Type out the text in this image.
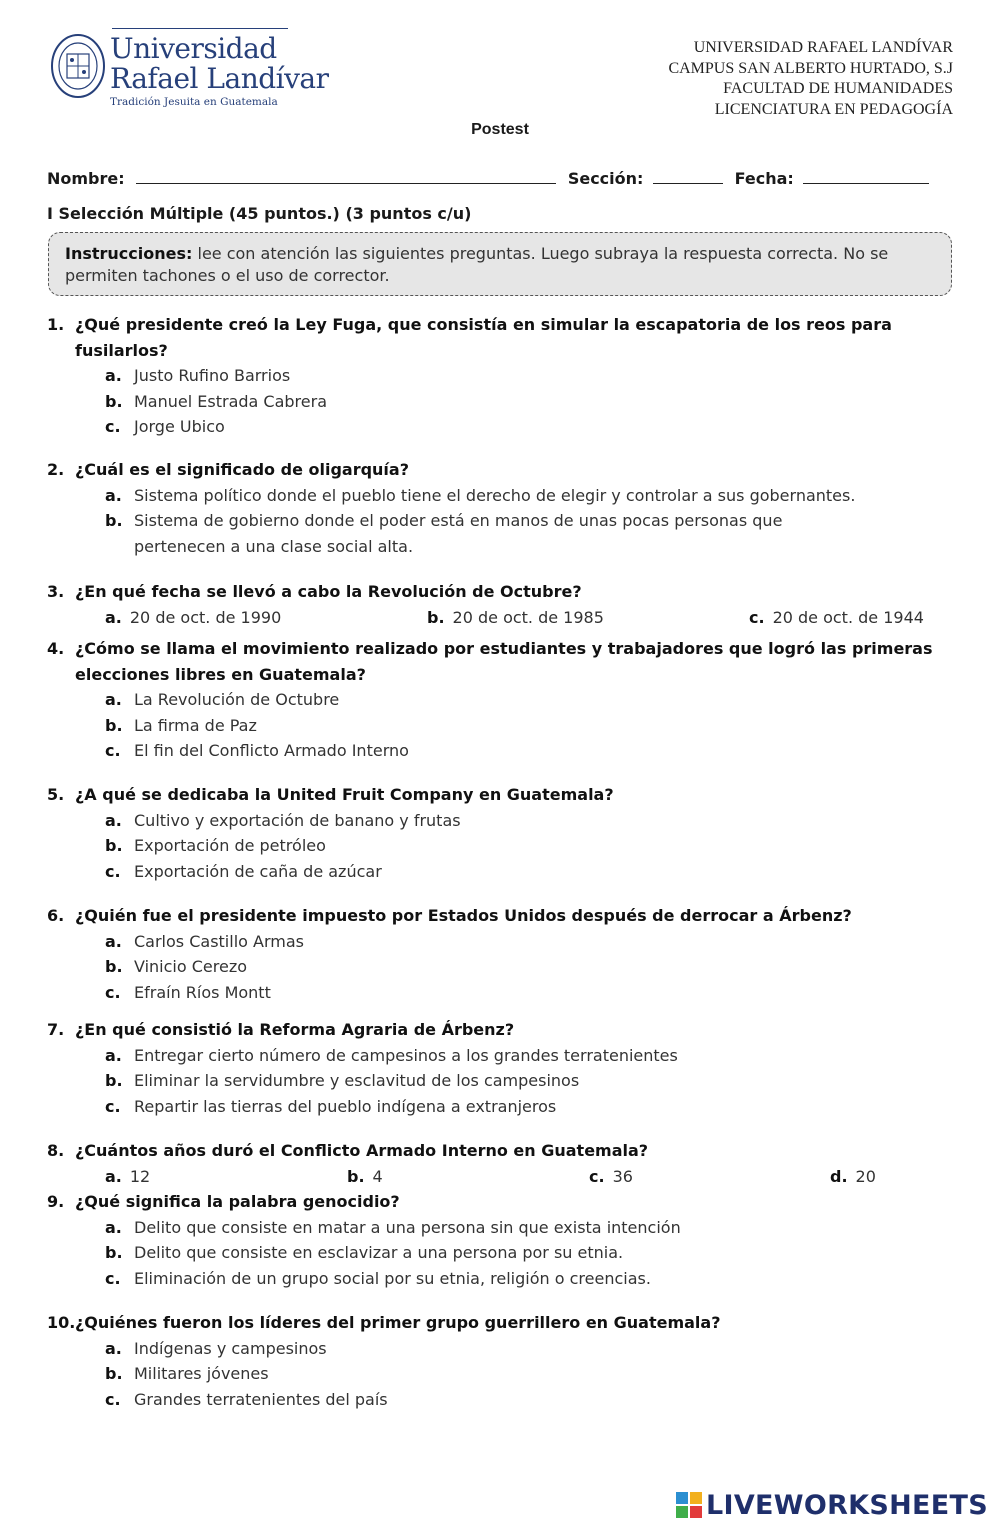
Universidad
Rafael Landívar
Tradición Jesuita en Guatemala
UNIVERSIDAD RAFAEL LANDÍVAR
CAMPUS SAN ALBERTO HURTADO, S.J
FACULTAD DE HUMANIDADES
LICENCIATURA EN PEDAGOGÍA
Postest
Nombre:	Sección:	Fecha:
I Selección Múltiple (45 puntos.) (3 puntos c/u)
Instrucciones: lee con atención las siguientes preguntas. Luego subraya la respuesta correcta. No se permiten tachones o el uso de corrector.
1. ¿Qué presidente creó la Ley Fuga, que consistía en simular la escapatoria de los reos para fusilarlos?
a. Justo Rufino Barrios
b. Manuel Estrada Cabrera
c. Jorge Ubico
2. ¿Cuál es el significado de oligarquía?
a. Sistema político donde el pueblo tiene el derecho de elegir y controlar a sus gobernantes.
b. Sistema de gobierno donde el poder está en manos de unas pocas personas que pertenecen a una clase social alta.
3. ¿En qué fecha se llevó a cabo la Revolución de Octubre?
a. 20 de oct. de 1990	b. 20 de oct. de 1985	c. 20 de oct. de 1944
4. ¿Cómo se llama el movimiento realizado por estudiantes y trabajadores que logró las primeras elecciones libres en Guatemala?
a. La Revolución de Octubre
b. La firma de Paz
c. El fin del Conflicto Armado Interno
5. ¿A qué se dedicaba la United Fruit Company en Guatemala?
a. Cultivo y exportación de banano y frutas
b. Exportación de petróleo
c. Exportación de caña de azúcar
6. ¿Quién fue el presidente impuesto por Estados Unidos después de derrocar a Árbenz?
a. Carlos Castillo Armas
b. Vinicio Cerezo
c. Efraín Ríos Montt
7. ¿En qué consistió la Reforma Agraria de Árbenz?
a. Entregar cierto número de campesinos a los grandes terratenientes
b. Eliminar la servidumbre y esclavitud de los campesinos
c. Repartir las tierras del pueblo indígena a extranjeros
8. ¿Cuántos años duró el Conflicto Armado Interno en Guatemala?
a. 12	b. 4	c. 36	d. 20
9. ¿Qué significa la palabra genocidio?
a. Delito que consiste en matar a una persona sin que exista intención
b. Delito que consiste en esclavizar a una persona por su etnia.
c. Eliminación de un grupo social por su etnia, religión o creencias.
10. ¿Quiénes fueron los líderes del primer grupo guerrillero en Guatemala?
a. Indígenas y campesinos
b. Militares jóvenes
c. Grandes terratenientes del país
LIVEWORKSHEETS
